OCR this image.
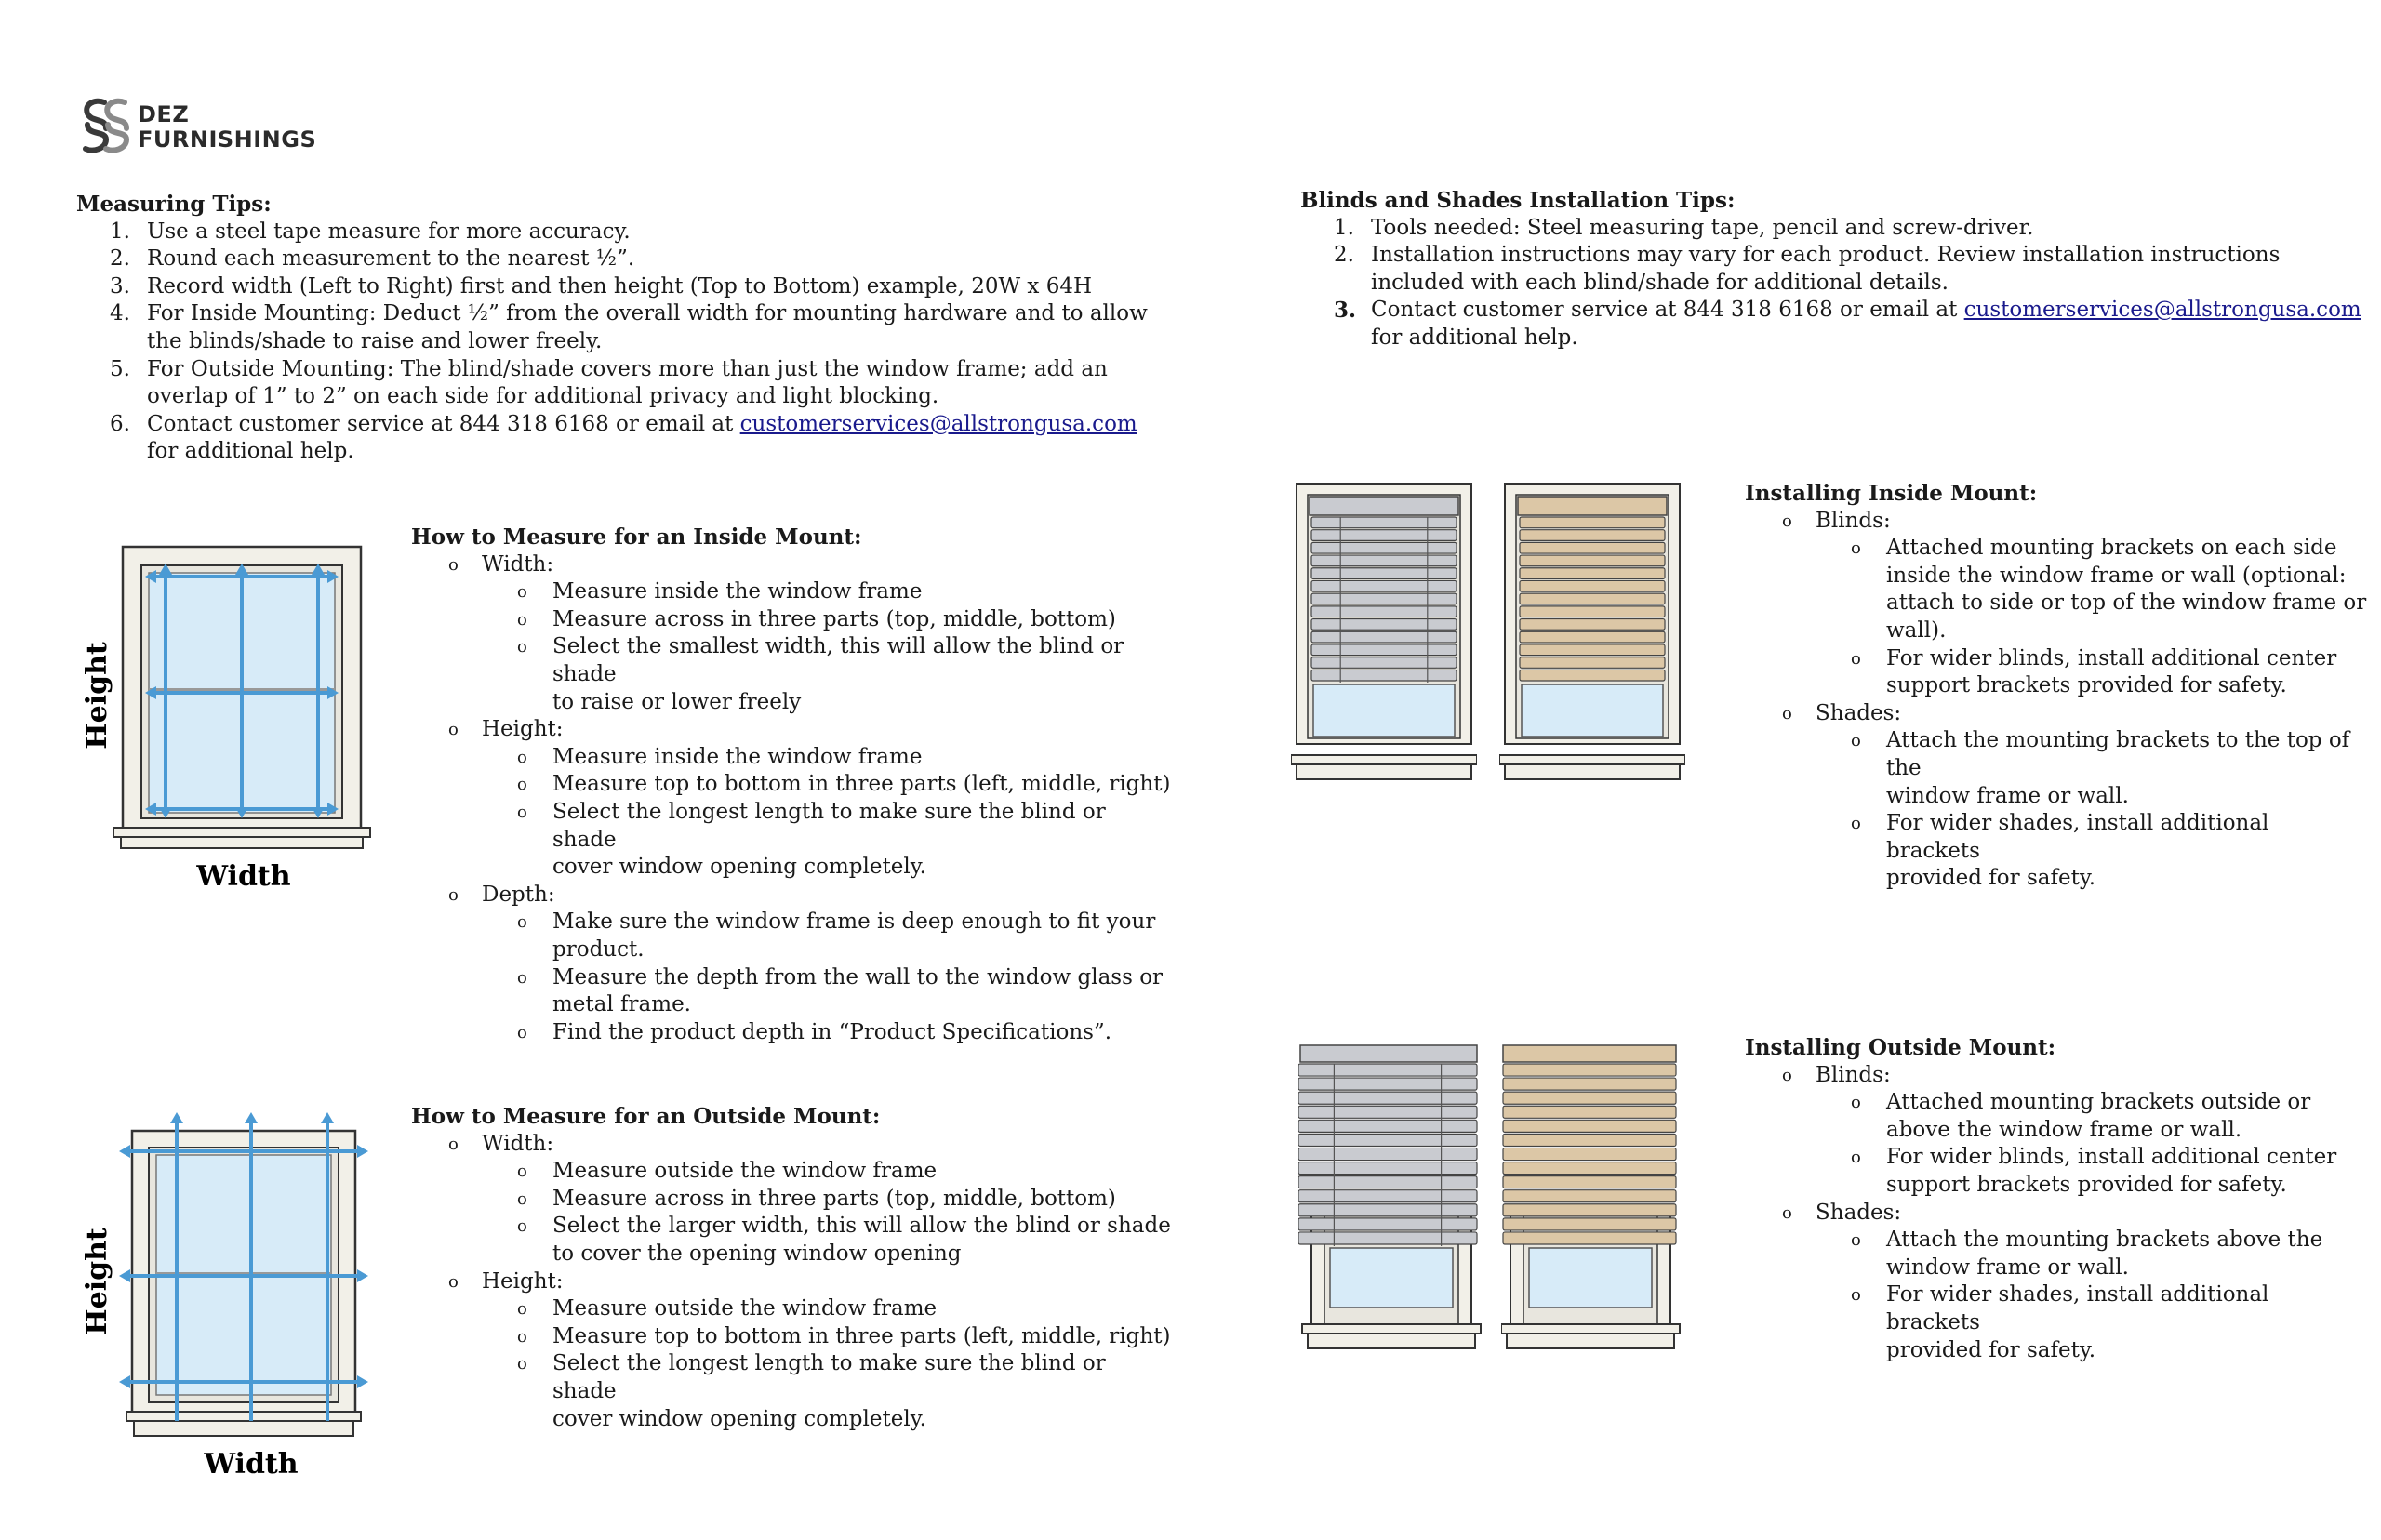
DEZ
FURNISHINGS
Measuring Tips:
1. Use a steel tape measure for more accuracy.
2. Round each measurement to the nearest ½”.
3. Record width (Left to Right) first and then height (Top to Bottom) example, 20W x 64H
4. For Inside Mounting: Deduct ½” from the overall width for mounting hardware and to allow
the blinds/shade to raise and lower freely.
5. For Outside Mounting: The blind/shade covers more than just the window frame; add an
overlap of 1” to 2” on each side for additional privacy and light blocking.
6. Contact customer service at 844 318 6168 or email at customerservices@allstrongusa.com
for additional help.
Blinds and Shades Installation Tips:
1. Tools needed: Steel measuring tape, pencil and screw-driver.
2. Installation instructions may vary for each product. Review installation instructions
included with each blind/shade for additional details.
3. Contact customer service at 844 318 6168 or email at customerservices@allstrongusa.com
for additional help.
Height
Width
How to Measure for an Inside Mount:
o Width:
o Measure inside the window frame
o Measure across in three parts (top, middle, bottom)
o Select the smallest width, this will allow the blind or shade
to raise or lower freely
o Height:
o Measure inside the window frame
o Measure top to bottom in three parts (left, middle, right)
o Select the longest length to make sure the blind or shade
cover window opening completely.
o Depth:
o Make sure the window frame is deep enough to fit your
product.
o Measure the depth from the wall to the window glass or
metal frame.
o Find the product depth in “Product Specifications”.
Height
Width
How to Measure for an Outside Mount:
o Width:
o Measure outside the window frame
o Measure across in three parts (top, middle, bottom)
o Select the larger width, this will allow the blind or shade
to cover the opening window opening
o Height:
o Measure outside the window frame
o Measure top to bottom in three parts (left, middle, right)
o Select the longest length to make sure the blind or shade
cover window opening completely.
Installing Inside Mount:
o Blinds:
o Attached mounting brackets on each side
inside the window frame or wall (optional:
attach to side or top of the window frame or
wall).
o For wider blinds, install additional center
support brackets provided for safety.
o Shades:
o Attach the mounting brackets to the top of the
window frame or wall.
o For wider shades, install additional brackets
provided for safety.
Installing Outside Mount:
o Blinds:
o Attached mounting brackets outside or
above the window frame or wall.
o For wider blinds, install additional center
support brackets provided for safety.
o Shades:
o Attach the mounting brackets above the
window frame or wall.
o For wider shades, install additional brackets
provided for safety.
